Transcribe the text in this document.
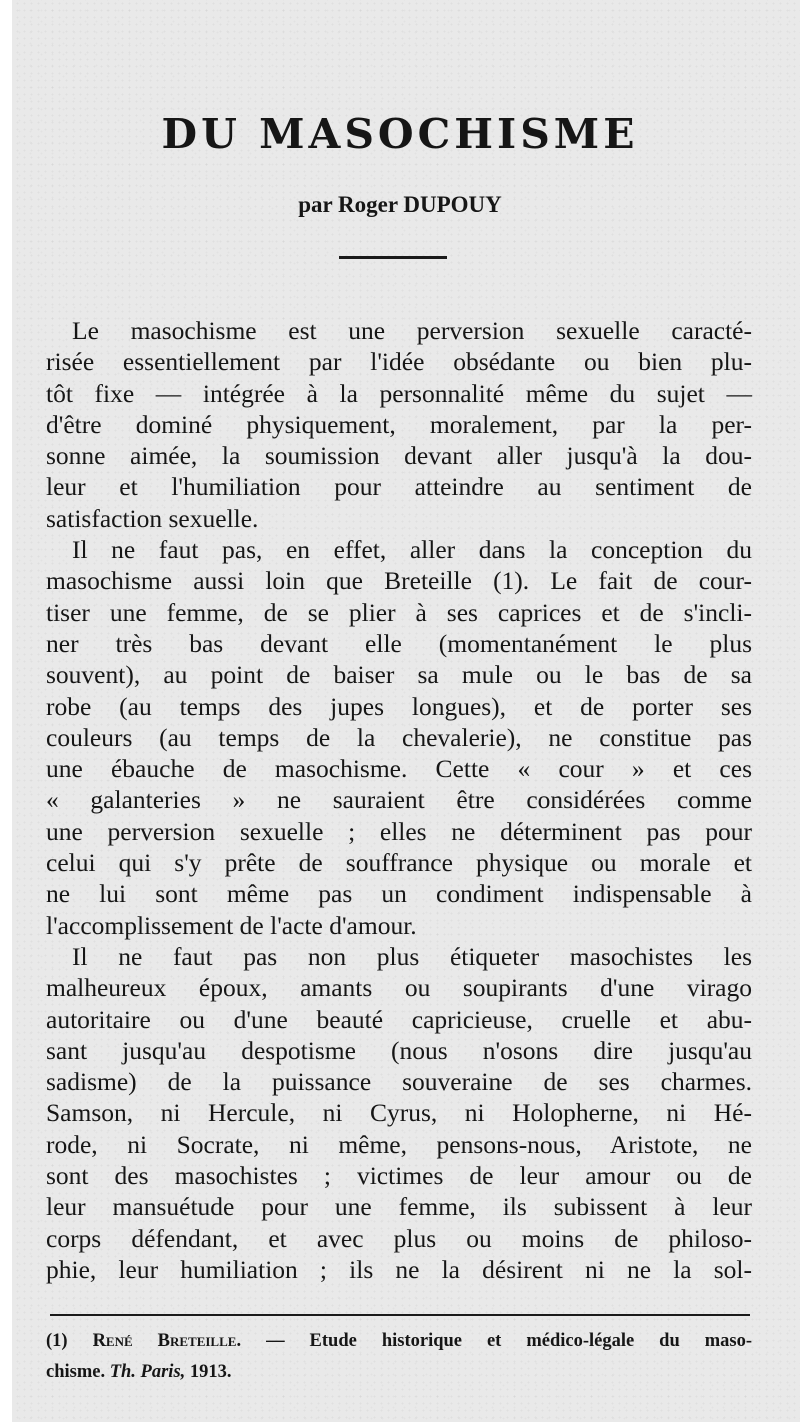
DU MASOCHISME
par Roger DUPOUY
Le masochisme est une perversion sexuelle caracté-
risée essentiellement par l'idée obsédante ou bien plu-
tôt fixe — intégrée à la personnalité même du sujet —
d'être dominé physiquement, moralement, par la per-
sonne aimée, la soumission devant aller jusqu'à la dou-
leur et l'humiliation pour atteindre au sentiment de
satisfaction sexuelle.
Il ne faut pas, en effet, aller dans la conception du
masochisme aussi loin que Breteille (1). Le fait de cour-
tiser une femme, de se plier à ses caprices et de s'incli-
ner très bas devant elle (momentanément le plus
souvent), au point de baiser sa mule ou le bas de sa
robe (au temps des jupes longues), et de porter ses
couleurs (au temps de la chevalerie), ne constitue pas
une ébauche de masochisme. Cette « cour » et ces
« galanteries » ne sauraient être considérées comme
une perversion sexuelle ; elles ne déterminent pas pour
celui qui s'y prête de souffrance physique ou morale et
ne lui sont même pas un condiment indispensable à
l'accomplissement de l'acte d'amour.
Il ne faut pas non plus étiqueter masochistes les
malheureux époux, amants ou soupirants d'une virago
autoritaire ou d'une beauté capricieuse, cruelle et abu-
sant jusqu'au despotisme (nous n'osons dire jusqu'au
sadisme) de la puissance souveraine de ses charmes.
Samson, ni Hercule, ni Cyrus, ni Holopherne, ni Hé-
rode, ni Socrate, ni même, pensons-nous, Aristote, ne
sont des masochistes ; victimes de leur amour ou de
leur mansuétude pour une femme, ils subissent à leur
corps défendant, et avec plus ou moins de philoso-
phie, leur humiliation ; ils ne la désirent ni ne la sol-
(1) René Breteille. — Etude historique et médico-légale du maso-
chisme. Th. Paris, 1913.
